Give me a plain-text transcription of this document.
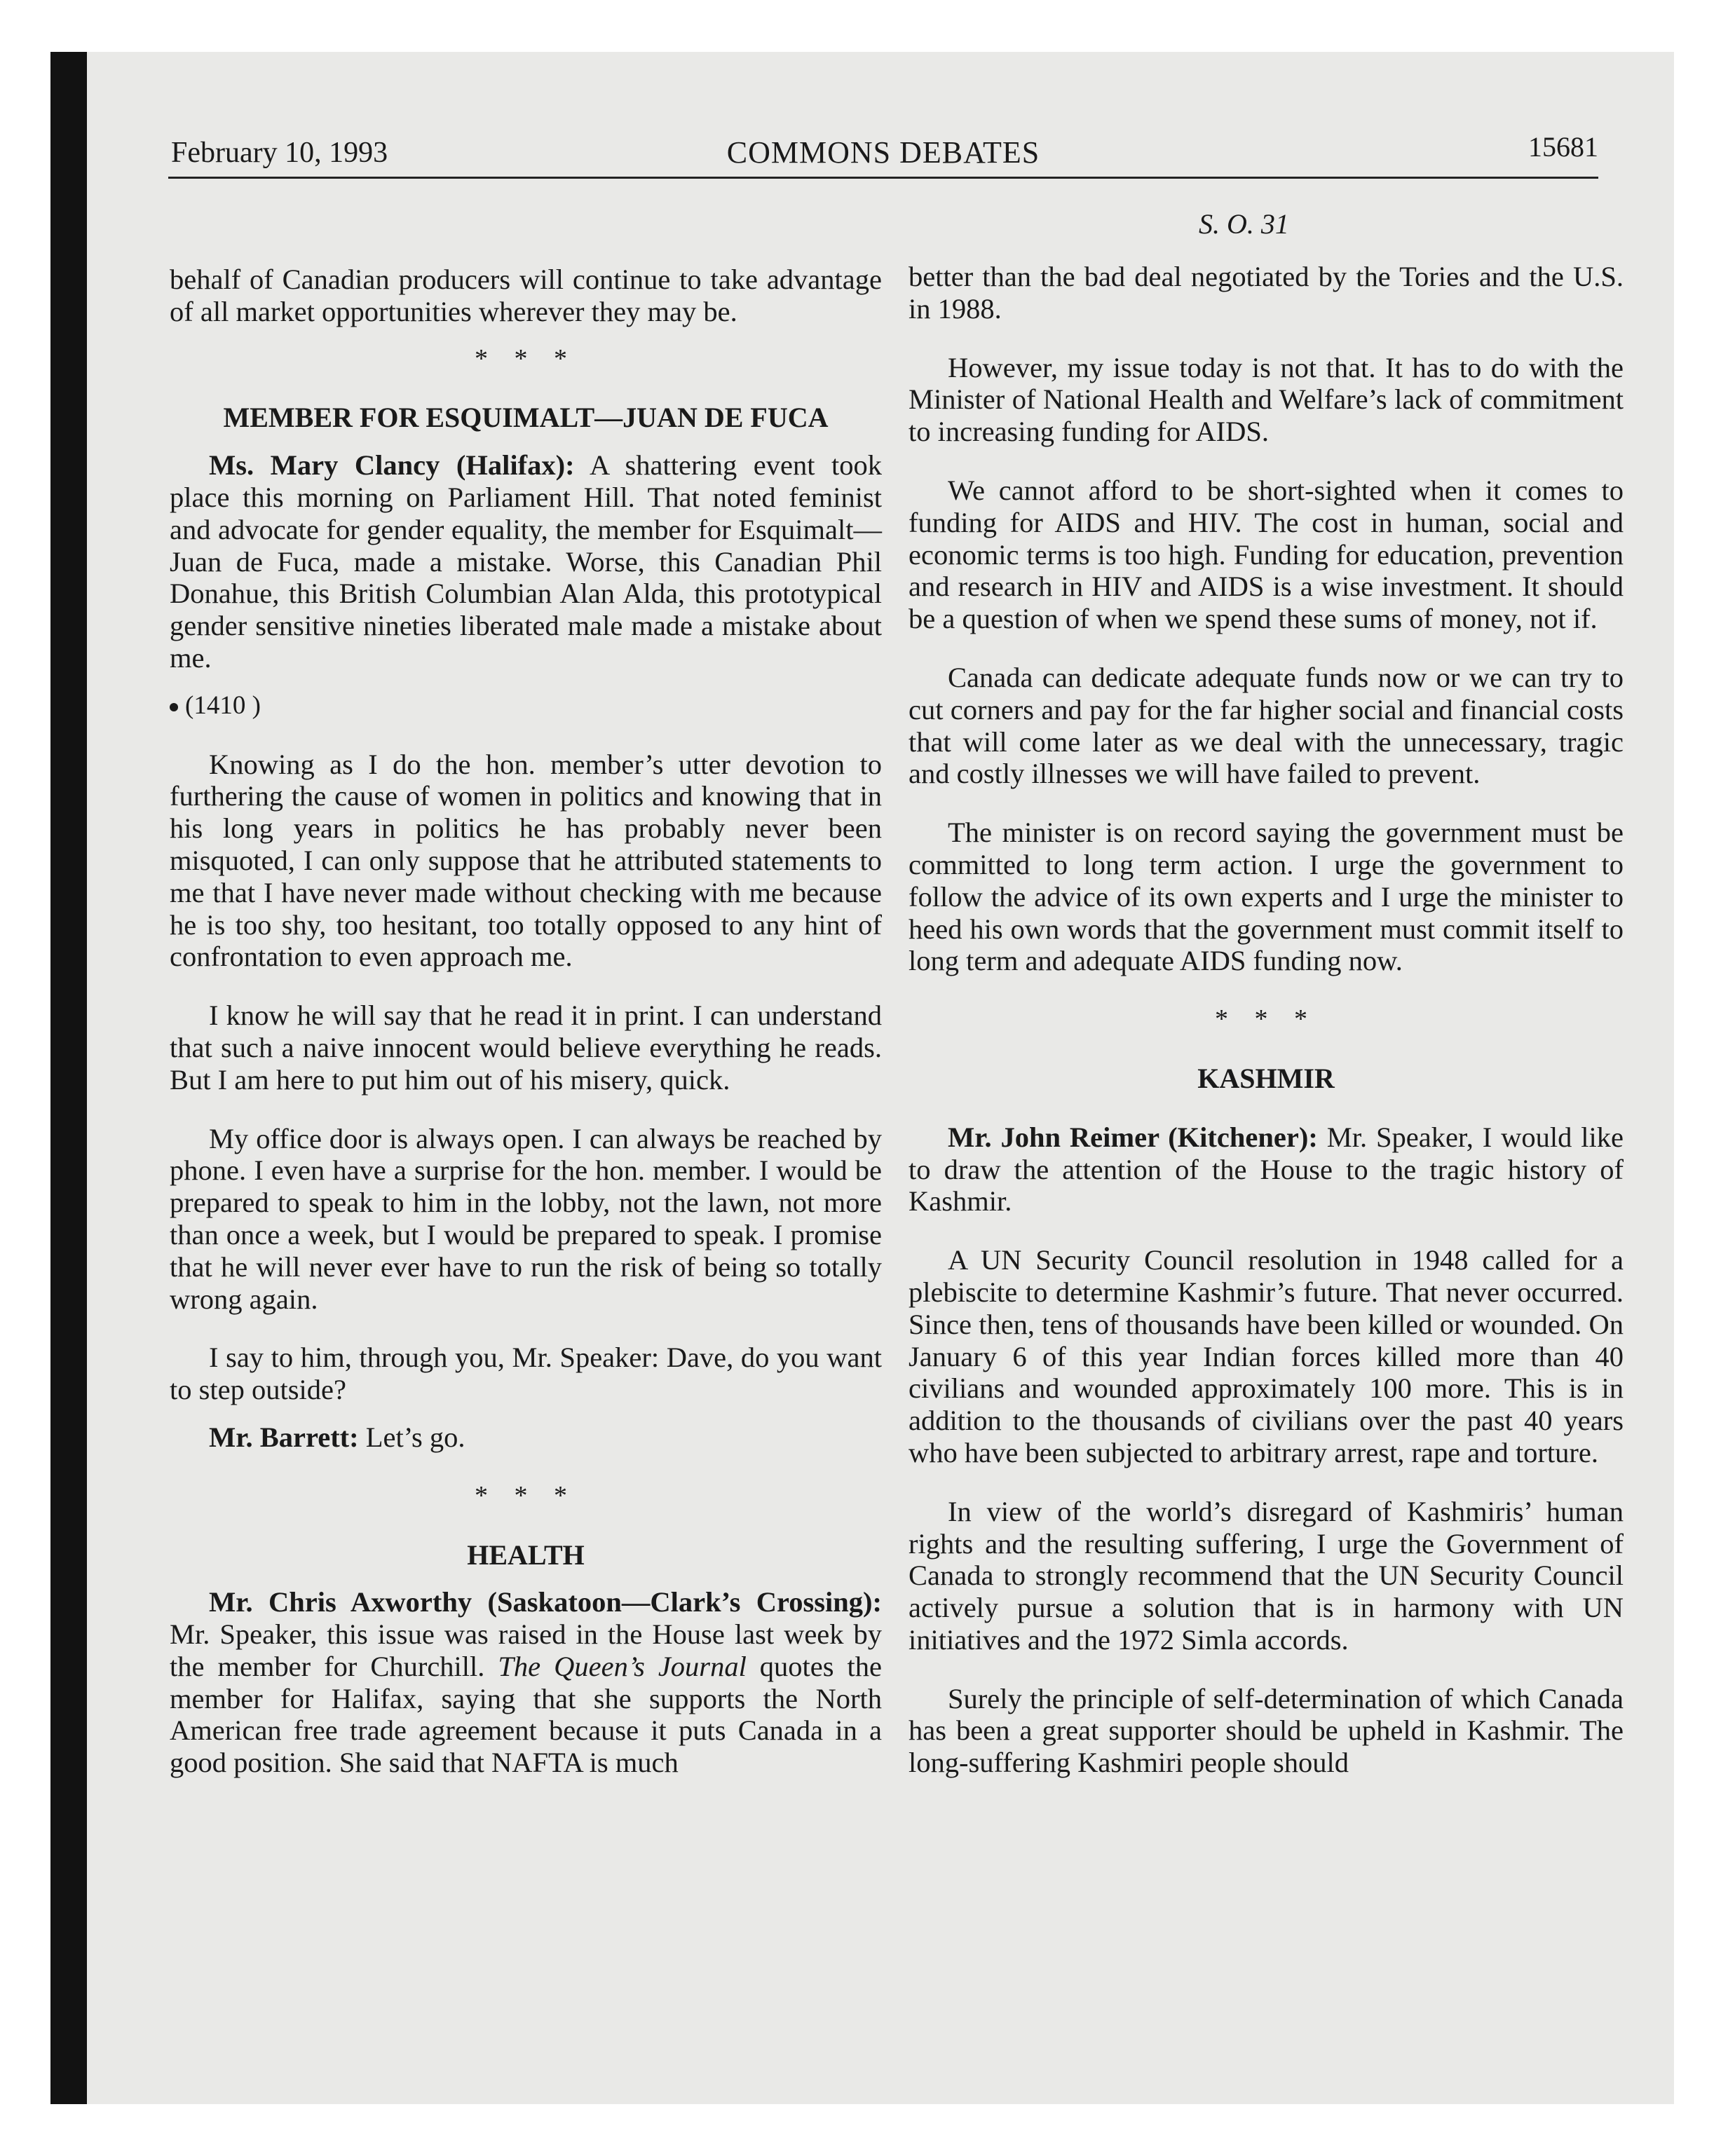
February 10, 1993	COMMONS DEBATES	15681
S. O. 31

behalf of Canadian producers will continue to take advantage of all market opportunities wherever they may be.

* * *

MEMBER FOR ESQUIMALT—JUAN DE FUCA

Ms. Mary Clancy (Halifax): A shattering event took place this morning on Parliament Hill. That noted feminist and advocate for gender equality, the member for Esquimalt—Juan de Fuca, made a mistake. Worse, this Canadian Phil Donahue, this British Columbian Alan Alda, this prototypical gender sensitive nineties liberated male made a mistake about me.

(1410 )

Knowing as I do the hon. member’s utter devotion to furthering the cause of women in politics and knowing that in his long years in politics he has probably never been misquoted, I can only suppose that he attributed statements to me that I have never made without checking with me because he is too shy, too hesitant, too totally opposed to any hint of confrontation to even approach me.

I know he will say that he read it in print. I can understand that such a naive innocent would believe everything he reads. But I am here to put him out of his misery, quick.

My office door is always open. I can always be reached by phone. I even have a surprise for the hon. member. I would be prepared to speak to him in the lobby, not the lawn, not more than once a week, but I would be prepared to speak. I promise that he will never ever have to run the risk of being so totally wrong again.

I say to him, through you, Mr. Speaker: Dave, do you want to step outside?

Mr. Barrett: Let’s go.

* * *

HEALTH

Mr. Chris Axworthy (Saskatoon—Clark’s Crossing): Mr. Speaker, this issue was raised in the House last week by the member for Churchill. The Queen’s Journal quotes the member for Halifax, saying that she supports the North American free trade agreement because it puts Canada in a good position. She said that NAFTA is much

better than the bad deal negotiated by the Tories and the U.S. in 1988.

However, my issue today is not that. It has to do with the Minister of National Health and Welfare’s lack of commitment to increasing funding for AIDS.

We cannot afford to be short-sighted when it comes to funding for AIDS and HIV. The cost in human, social and economic terms is too high. Funding for education, prevention and research in HIV and AIDS is a wise investment. It should be a question of when we spend these sums of money, not if.

Canada can dedicate adequate funds now or we can try to cut corners and pay for the far higher social and financial costs that will come later as we deal with the unnecessary, tragic and costly illnesses we will have failed to prevent.

The minister is on record saying the government must be committed to long term action. I urge the government to follow the advice of its own experts and I urge the minister to heed his own words that the government must commit itself to long term and adequate AIDS funding now.

* * *

KASHMIR

Mr. John Reimer (Kitchener): Mr. Speaker, I would like to draw the attention of the House to the tragic history of Kashmir.

A UN Security Council resolution in 1948 called for a plebiscite to determine Kashmir’s future. That never occurred. Since then, tens of thousands have been killed or wounded. On January 6 of this year Indian forces killed more than 40 civilians and wounded approximately 100 more. This is in addition to the thousands of civilians over the past 40 years who have been subjected to arbitrary arrest, rape and torture.

In view of the world’s disregard of Kashmiris’ human rights and the resulting suffering, I urge the Government of Canada to strongly recommend that the UN Security Council actively pursue a solution that is in harmony with UN initiatives and the 1972 Simla accords.

Surely the principle of self-determination of which Canada has been a great supporter should be upheld in Kashmir. The long-suffering Kashmiri people should
